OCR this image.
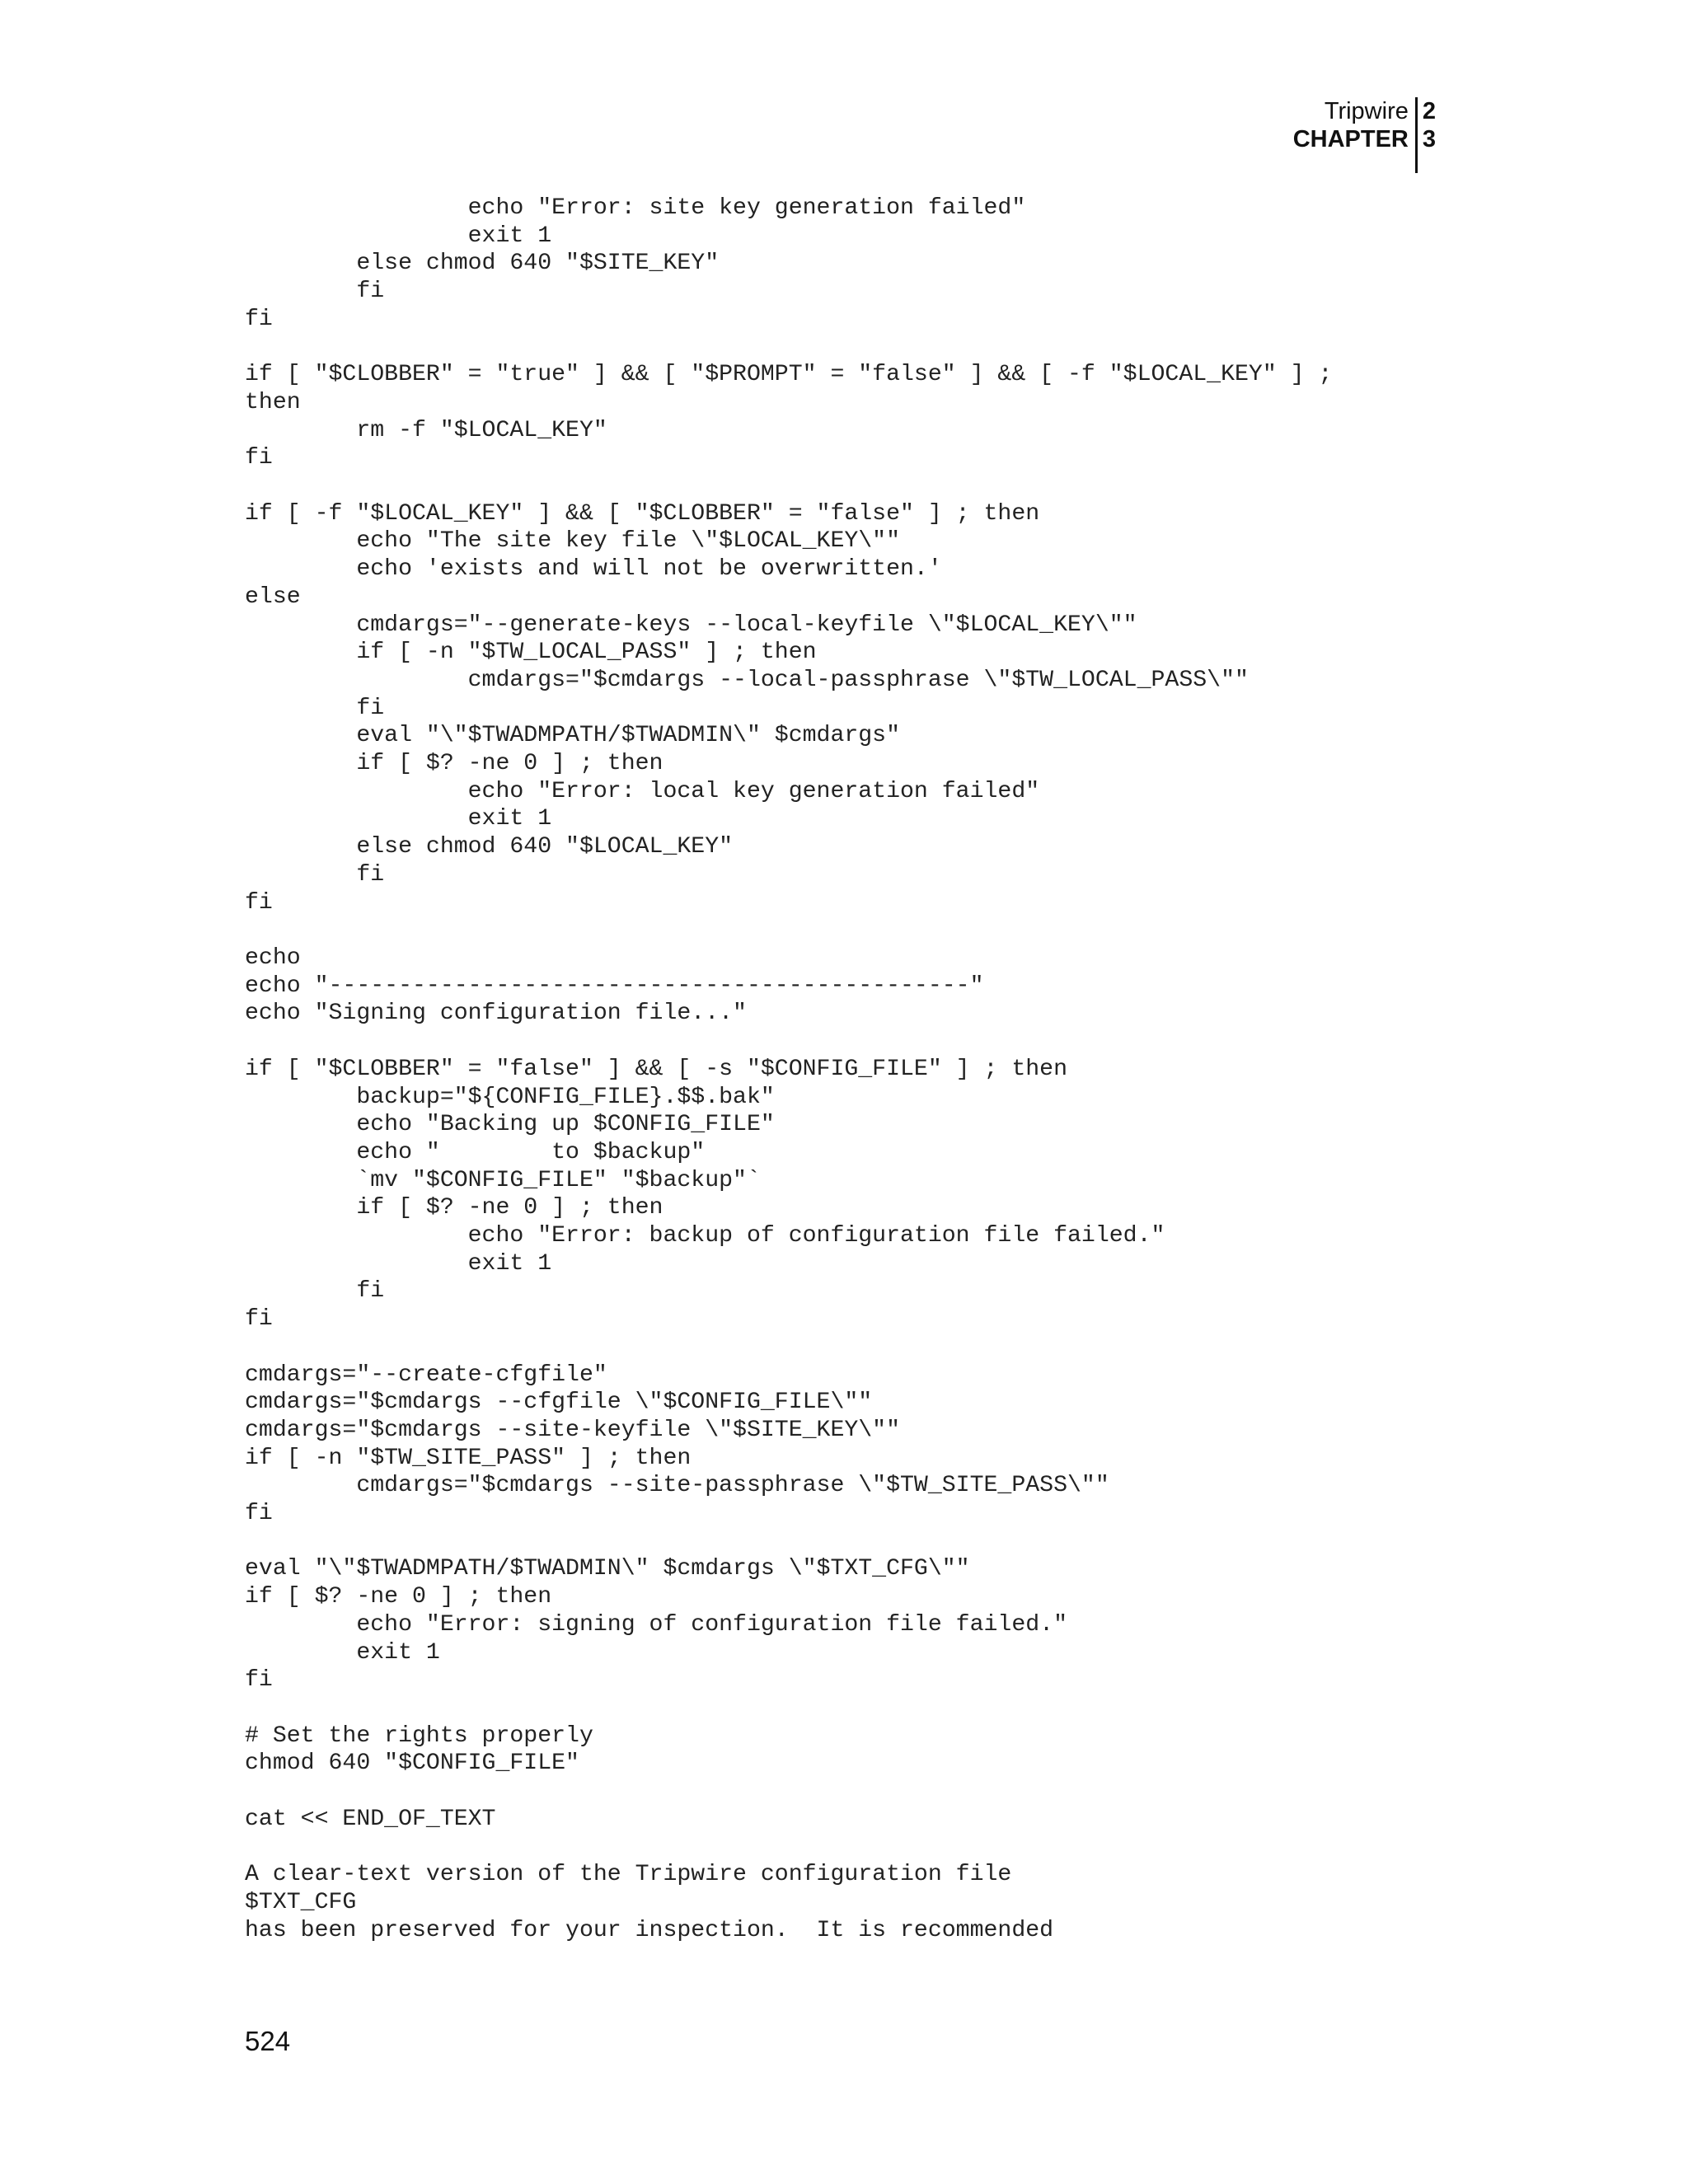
Tripwire
CHAPTER
2
3
echo "Error: site key generation failed"
exit 1
else chmod 640 "$SITE_KEY"
fi
fi

if [ "$CLOBBER" = "true" ] && [ "$PROMPT" = "false" ] && [ -f "$LOCAL_KEY" ] ;
then
rm -f "$LOCAL_KEY"
fi

if [ -f "$LOCAL_KEY" ] && [ "$CLOBBER" = "false" ] ; then
echo "The site key file \"$LOCAL_KEY\""
echo 'exists and will not be overwritten.'
else
cmdargs="--generate-keys --local-keyfile \"$LOCAL_KEY\""
if [ -n "$TW_LOCAL_PASS" ] ; then
cmdargs="$cmdargs --local-passphrase \"$TW_LOCAL_PASS\""
fi
eval "\"$TWADMPATH/$TWADMIN\" $cmdargs"
if [ $? -ne 0 ] ; then
echo "Error: local key generation failed"
exit 1
else chmod 640 "$LOCAL_KEY"
fi
fi

echo
echo "----------------------------------------------"
echo "Signing configuration file..."

if [ "$CLOBBER" = "false" ] && [ -s "$CONFIG_FILE" ] ; then
backup="${CONFIG_FILE}.$$.bak"
echo "Backing up $CONFIG_FILE"
echo "        to $backup"
`mv "$CONFIG_FILE" "$backup"`
if [ $? -ne 0 ] ; then
echo "Error: backup of configuration file failed."
exit 1
fi
fi

cmdargs="--create-cfgfile"
cmdargs="$cmdargs --cfgfile \"$CONFIG_FILE\""
cmdargs="$cmdargs --site-keyfile \"$SITE_KEY\""
if [ -n "$TW_SITE_PASS" ] ; then
cmdargs="$cmdargs --site-passphrase \"$TW_SITE_PASS\""
fi

eval "\"$TWADMPATH/$TWADMIN\" $cmdargs \"$TXT_CFG\""
if [ $? -ne 0 ] ; then
echo "Error: signing of configuration file failed."
exit 1
fi

# Set the rights properly
chmod 640 "$CONFIG_FILE"

cat << END_OF_TEXT

A clear-text version of the Tripwire configuration file
$TXT_CFG
has been preserved for your inspection.  It is recommended
524
